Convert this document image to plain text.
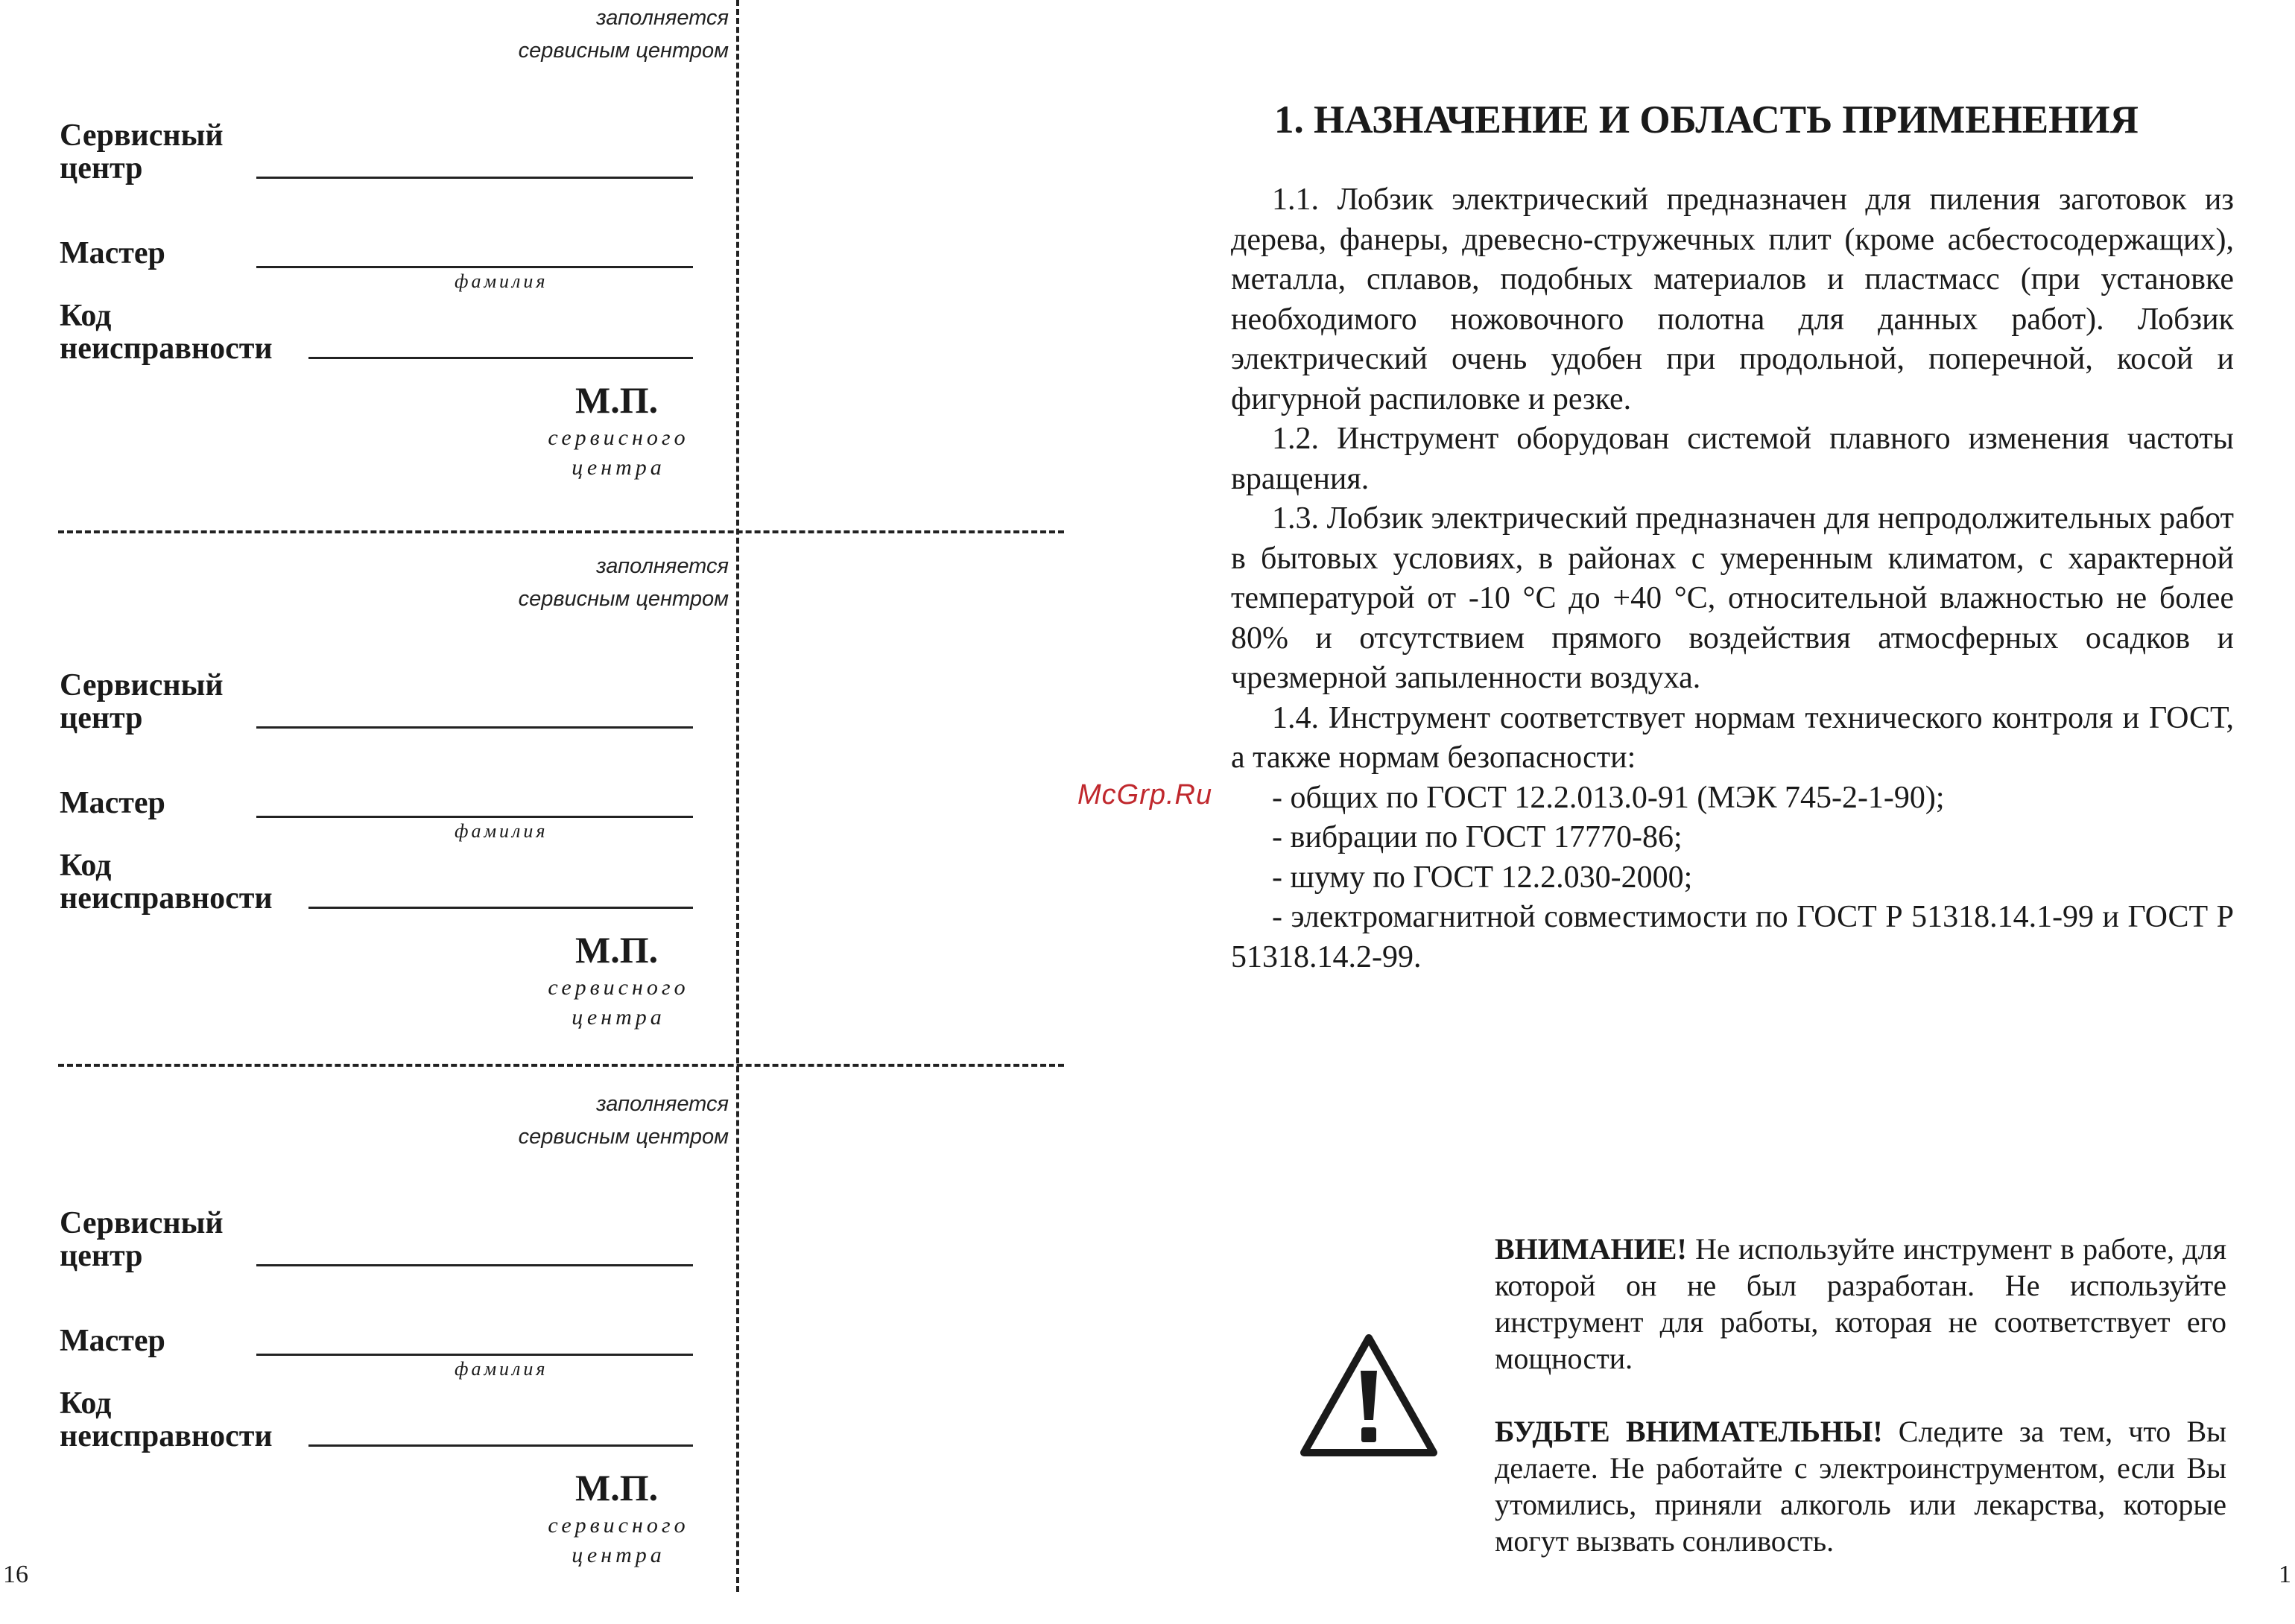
заполняется
сервисным центром
Сервисный
центр
Мастер
фамилия
Код
неисправности
М.П.
сервисного
центра
заполняется
сервисным центром
Сервисный
центр
Мастер
фамилия
Код
неисправности
М.П.
сервисного
центра
заполняется
сервисным центром
Сервисный
центр
Мастер
фамилия
Код
неисправности
М.П.
сервисного
центра
1. НАЗНАЧЕНИЕ И ОБЛАСТЬ ПРИМЕНЕНИЯ

1.1. Лобзик электрический предназначен для пиления заготовок из дерева, фанеры, древесно-стружечных плит (кроме асбестосодержащих), металла, сплавов, подобных материалов и пластмасс (при установке необходимого ножовочного полотна для данных работ). Лобзик электрический очень удобен при продольной, поперечной, косой и фигурной распиловке и резке.

1.2. Инструмент оборудован системой плавного изменения частоты вращения.

1.3. Лобзик электрический предназначен для непродолжительных работ в бытовых условиях, в районах с умеренным климатом, с характерной температурой от -10 °С до +40 °С, относительной влажностью не более 80% и отсутствием прямого воздействия атмосферных осадков и чрезмерной запыленности воздуха.

1.4. Инструмент соответствует нормам технического контроля и ГОСТ, а также нормам безопасности:

- общих по ГОСТ 12.2.013.0-91 (МЭК 745-2-1-90);

- вибрации по ГОСТ 17770-86;

- шуму по ГОСТ 12.2.030-2000;

- электромагнитной совместимости по ГОСТ Р 51318.14.1-99 и ГОСТ Р 51318.14.2-99.

McGrp.Ru

ВНИМАНИЕ! Не используйте инструмент в работе, для которой он не был разработан. Не используйте инструмент для работы, которая не соответствует его мощности.

БУДЬТЕ ВНИМАТЕЛЬНЫ! Следите за тем, что Вы делаете. Не работайте с электроинструментом, если Вы утомились, приняли алкоголь или лекарства, которые могут вызвать сонливость.

16	1
